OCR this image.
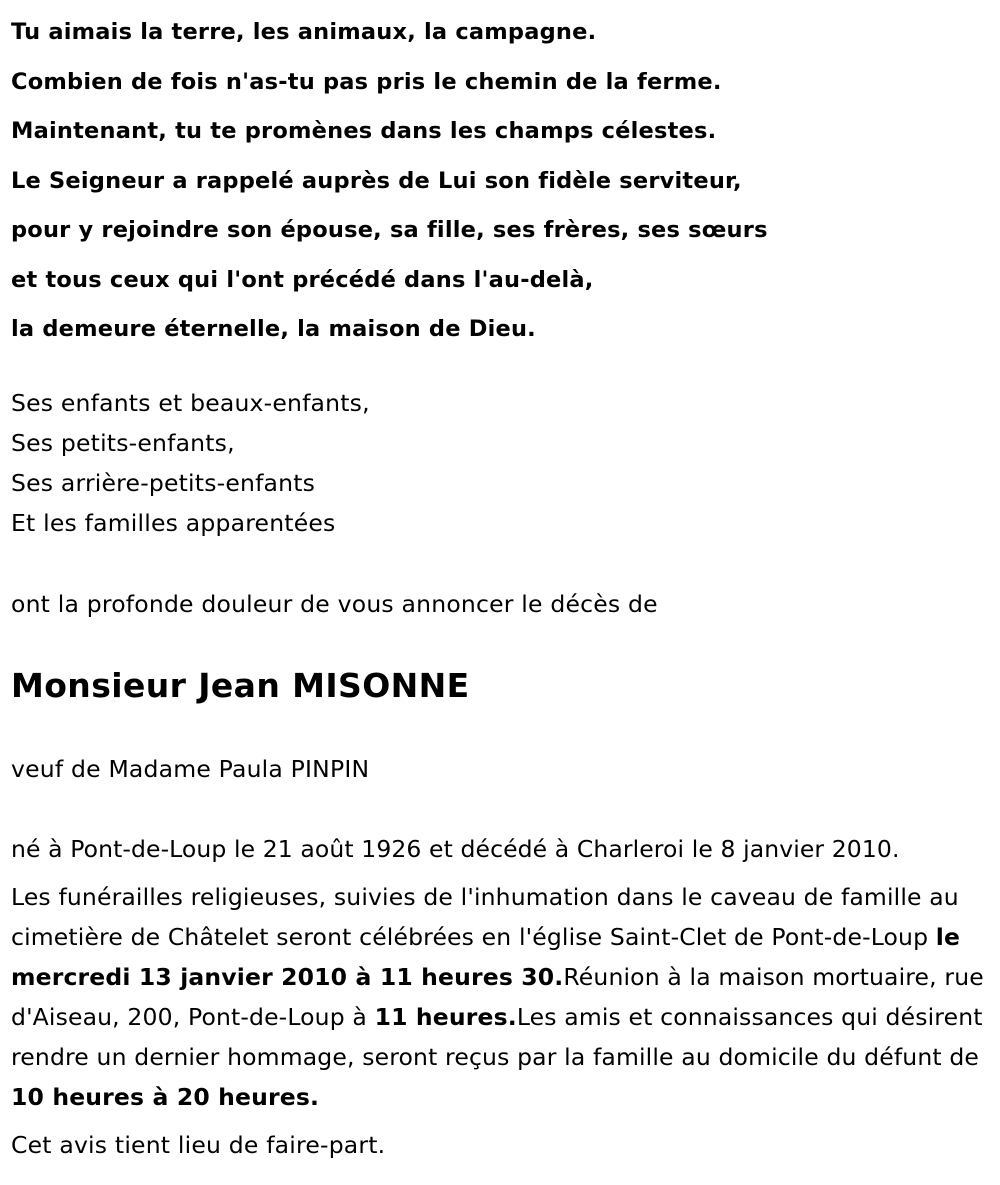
Tu aimais la terre, les animaux, la campagne.
Combien de fois n'as-tu pas pris le chemin de la ferme.
Maintenant, tu te promènes dans les champs célestes.
Le Seigneur a rappelé auprès de Lui son fidèle serviteur,
pour y rejoindre son épouse, sa fille, ses frères, ses sœurs
et tous ceux qui l'ont précédé dans l'au-delà,
la demeure éternelle, la maison de Dieu.
Ses enfants et beaux-enfants,
Ses petits-enfants,
Ses arrière-petits-enfants
Et les familles apparentées
ont la profonde douleur de vous annoncer le décès de
Monsieur Jean MISONNE
veuf de Madame Paula PINPIN
né à Pont-de-Loup le 21 août 1926 et décédé à Charleroi le 8 janvier 2010.
Les funérailles religieuses, suivies de l'inhumation dans le caveau de famille au cimetière de Châtelet seront célébrées en l'église Saint-Clet de Pont-de-Loup le mercredi 13 janvier 2010 à 11 heures 30.Réunion à la maison mortuaire, rue d'Aiseau, 200, Pont-de-Loup à 11 heures.Les amis et connaissances qui désirent rendre un dernier hommage, seront reçus par la famille au domicile du défunt de 10 heures à 20 heures.
Cet avis tient lieu de faire-part.
